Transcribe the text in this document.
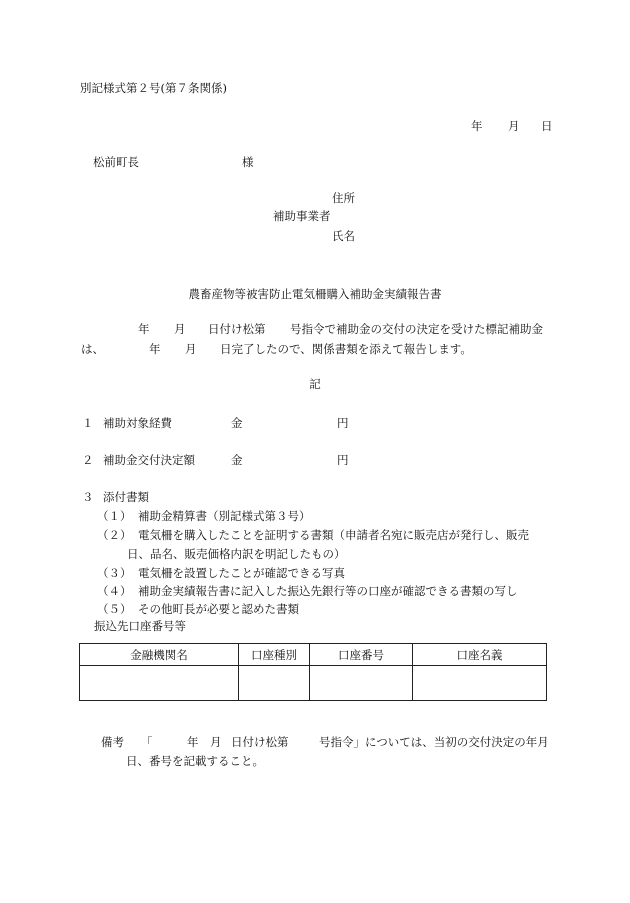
別記様式第２号(第７条関係)
年 月 日
松前町長	様
住所
補助事業者
氏名
農畜産物等被害防止電気柵購入補助金実績報告書
年 月 日付け松第 号指令で補助金の交付の決定を受けた標記補助金
は、	年 月 日完了したので、関係書類を添えて報告します。
記
１ 補助対象経費	金	円
２ 補助金交付決定額	金	円
３ 添付書類
（１） 補助金精算書（別記様式第３号）
（２） 電気柵を購入したことを証明する書類（申請者名宛に販売店が発行し、販売
日、品名、販売価格内訳を明記したもの）
（３） 電気柵を設置したことが確認できる写真
（４） 補助金実績報告書に記入した振込先銀行等の口座が確認できる書類の写し
（５） その他町長が必要と認めた書類
振込先口座番号等
金融機関名	口座種別	口座番号	口座名義

備考 「	年 月 日付け松第	号指令」については、当初の交付決定の年月
日、番号を記載すること。
